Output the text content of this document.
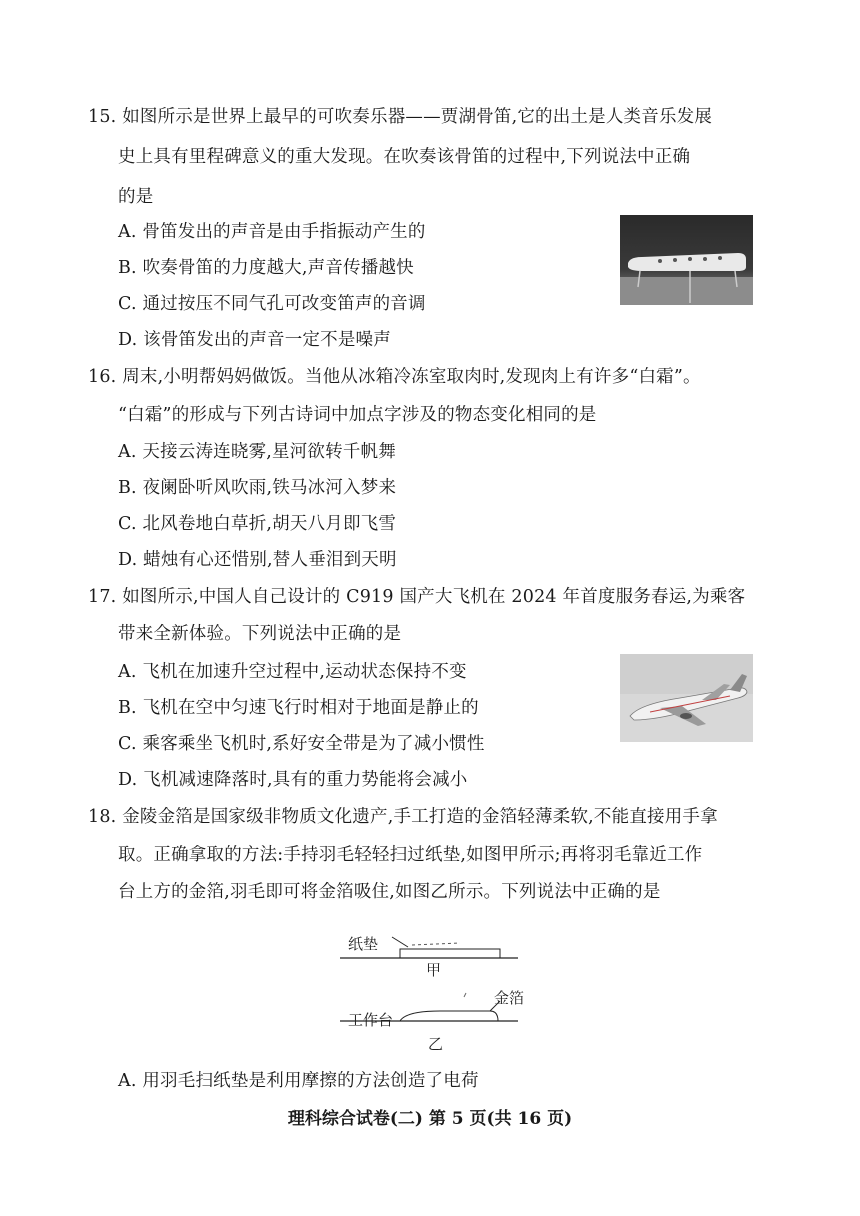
15. 如图所示是世界上最早的可吹奏乐器——贾湖骨笛,它的出土是人类音乐发展
史上具有里程碑意义的重大发现。在吹奏该骨笛的过程中,下列说法中正确
的是
A. 骨笛发出的声音是由手指振动产生的
B. 吹奏骨笛的力度越大,声音传播越快
C. 通过按压不同气孔可改变笛声的音调
D. 该骨笛发出的声音一定不是噪声
16. 周末,小明帮妈妈做饭。当他从冰箱冷冻室取肉时,发现肉上有许多“白霜”。
“白霜”的形成与下列古诗词中加点字涉及的物态变化相同的是
A. 天接云涛连晓雾,星河欲转千帆舞
B. 夜阑卧听风吹雨,铁马冰河入梦来
C. 北风卷地白草折,胡天八月即飞雪
D. 蜡烛有心还惜别,替人垂泪到天明
17. 如图所示,中国人自己设计的 C919 国产大飞机在 2024 年首度服务春运,为乘客
带来全新体验。下列说法中正确的是
A. 飞机在加速升空过程中,运动状态保持不变
B. 飞机在空中匀速飞行时相对于地面是静止的
C. 乘客乘坐飞机时,系好安全带是为了减小惯性
D. 飞机减速降落时,具有的重力势能将会减小
18. 金陵金箔是国家级非物质文化遗产,手工打造的金箔轻薄柔软,不能直接用手拿
取。正确拿取的方法:手持羽毛轻轻扫过纸垫,如图甲所示;再将羽毛靠近工作
台上方的金箔,羽毛即可将金箔吸住,如图乙所示。下列说法中正确的是
纸垫
甲
工作台
金箔
乙
A. 用羽毛扫纸垫是利用摩擦的方法创造了电荷
理科综合试卷(二) 第 5 页(共 16 页)
